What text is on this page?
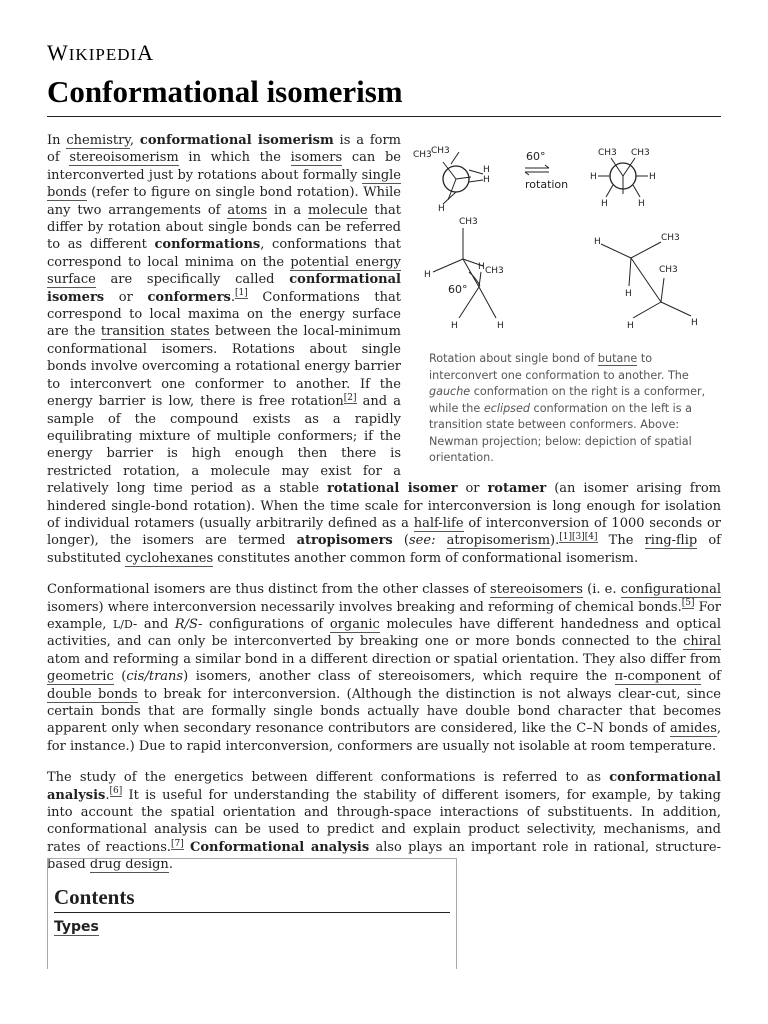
WIKIPEDIA
Conformational isomerism
CH3 CH3
H
H
H
60°
rotation
CH3 CH3
H	H
H	H
CH3
H
H CH3
60°
H	H
CH3
H
CH3
H
H	H
Rotation about single bond of butane to interconvert one conformation to another. The gauche conformation on the right is a conformer, while the eclipsed conformation on the left is a transition state between conformers. Above: Newman projection; below: depiction of spatial orientation.

In chemistry, conformational isomerism is a form of stereoisomerism in which the isomers can be interconverted just by rotations about formally single bonds (refer to figure on single bond rotation). While any two arrangements of atoms in a molecule that differ by rotation about single bonds can be referred to as different conformations, conformations that correspond to local minima on the potential energy surface are specifically called conformational isomers or conformers.[1] Conformations that correspond to local maxima on the energy surface are the transition states between the local-minimum conformational isomers. Rotations about single bonds involve overcoming a rotational energy barrier to interconvert one conformer to another. If the energy barrier is low, there is free rotation[2] and a sample of the compound exists as a rapidly equilibrating mixture of multiple conformers; if the energy barrier is high enough then there is restricted rotation, a molecule may exist for a relatively long time period as a stable rotational isomer or rotamer (an isomer arising from hindered single-bond rotation). When the time scale for interconversion is long enough for isolation of individual rotamers (usually arbitrarily defined as a half-life of interconversion of 1000 seconds or longer), the isomers are termed atropisomers (see: atropisomerism).[1][3][4] The ring-flip of substituted cyclohexanes constitutes another common form of conformational isomerism.

Conformational isomers are thus distinct from the other classes of stereoisomers (i. e. configurational isomers) where interconversion necessarily involves breaking and reforming of chemical bonds.[5] For example, L/D- and R/S- configurations of organic molecules have different handedness and optical activities, and can only be interconverted by breaking one or more bonds connected to the chiral atom and reforming a similar bond in a different direction or spatial orientation. They also differ from geometric (cis/trans) isomers, another class of stereoisomers, which require the π-component of double bonds to break for interconversion. (Although the distinction is not always clear-cut, since certain bonds that are formally single bonds actually have double bond character that becomes apparent only when secondary resonance contributors are considered, like the C–N bonds of amides, for instance.) Due to rapid interconversion, conformers are usually not isolable at room temperature.

The study of the energetics between different conformations is referred to as conformational analysis.[6] It is useful for understanding the stability of different isomers, for example, by taking into account the spatial orientation and through-space interactions of substituents. In addition, conformational analysis can be used to predict and explain product selectivity, mechanisms, and rates of reactions.[7] Conformational analysis also plays an important role in rational, structure-based drug design.

Contents
Types
